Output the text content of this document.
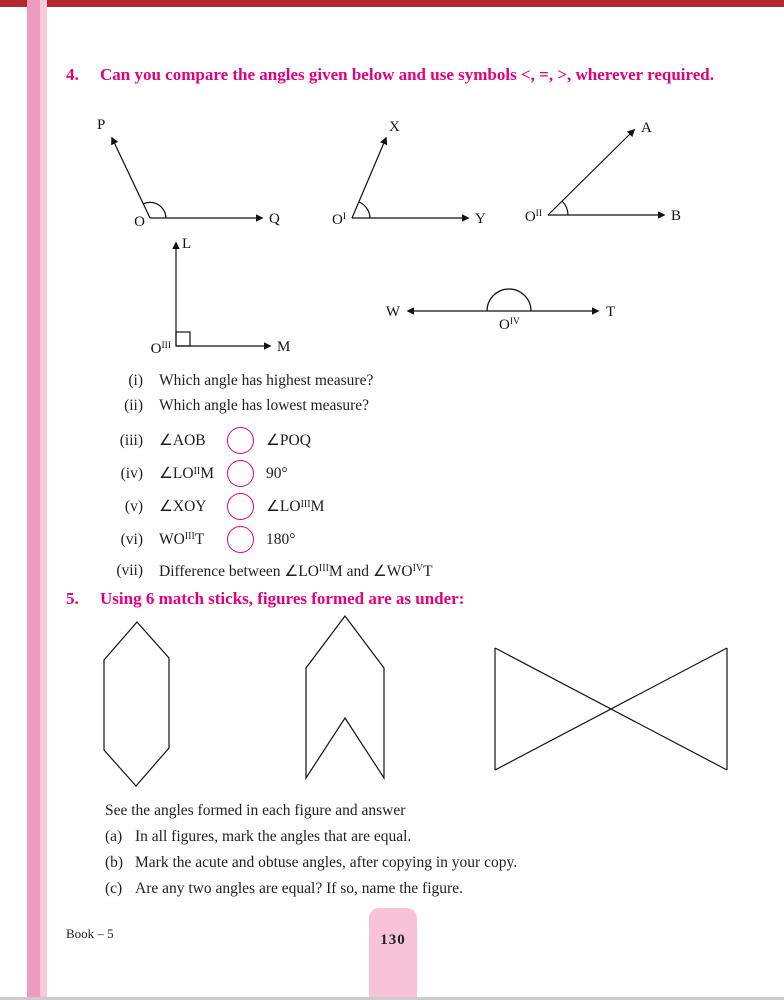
4.	Can you compare the angles given below and use symbols <, =, >, wherever required.
P
O	Q
X
$O^I$	Y
A
$O^{II}$	B
L
$O^{III}$	M
W	T
$O^{IV}$
(i) Which angle has highest measure?
(ii) Which angle has lowest measure?
(iii) ∠AOB	∠POQ
(iv) $\angle LO^{II}M$	90°
(v) ∠XOY	$\angle LO^{III}M$
(vi) $WO^{III}T$	180°
(vii) Difference between $\angle LO^{III}M$ and $\angle WO^{IV}T$
5.	Using 6 match sticks, figures formed are as under:
See the angles formed in each figure and answer
(a) In all figures, mark the angles that are equal.
(b) Mark the acute and obtuse angles, after copying in your copy.
(c) Are any two angles are equal? If so, name the figure.
Book – 5	130
